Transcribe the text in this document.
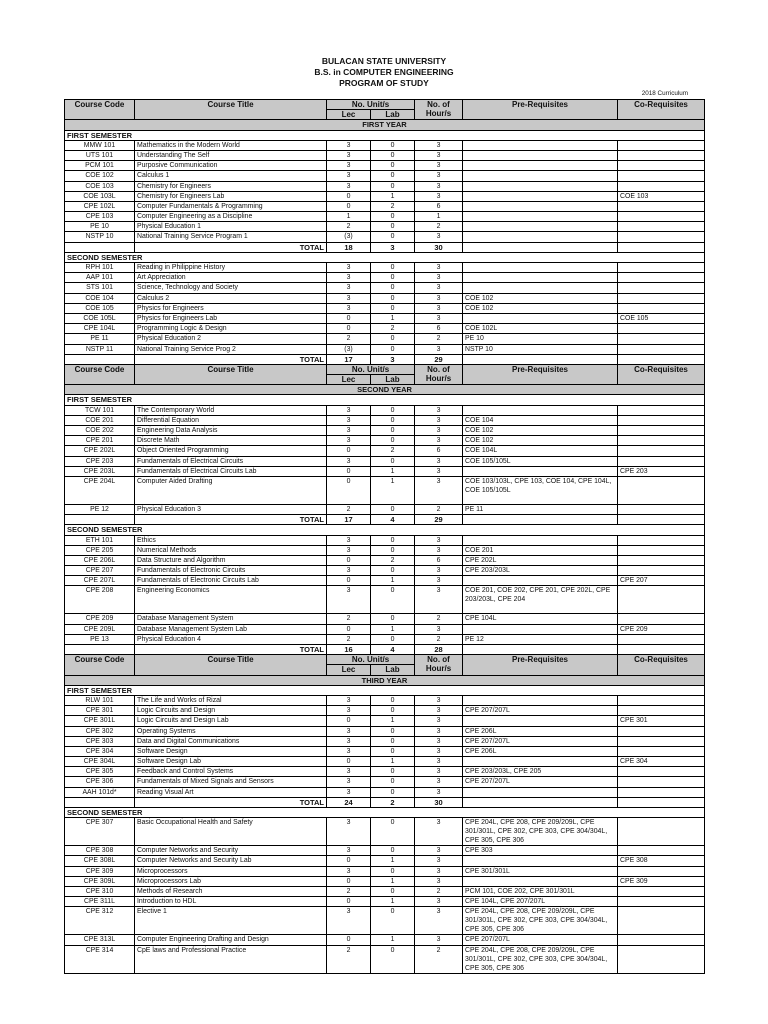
BULACAN STATE UNIVERSITY
B.S. in COMPUTER ENGINEERING
PROGRAM OF STUDY
2018 Curriculum
Course Code	Course Title	No. Unit/s		No. of Hour/s	Pre-Requisites	Co-Requisites
		Lec	Lab			
FIRST YEAR						
FIRST SEMESTER						
MMW 101	Mathematics in the Modern World	3	0	3		
UTS 101	Understanding The Self	3	0	3		
PCM 101	Purposive Communication	3	0	3		
COE 102	Calculus 1	3	0	3		
COE 103	Chemistry for Engineers	3	0	3		
COE 103L	Chemistry for Engineers Lab	0	1	3		COE 103
CPE 102L	Computer Fundamentals & Programming	0	2	6		
CPE 103	Computer Engineering as a Discipline	1	0	1		
PE 10	Physical Education 1	2	0	2		
NSTP 10	National Training Service Program 1	(3)	0	3		
	TOTAL	18	3	30		
SECOND SEMESTER						
RPH 101	Reading in Philippine History	3	0	3		
AAP 101	Art Appreciation	3	0	3		
STS 101	Science, Technology and Society	3	0	3		
COE 104	Calculus 2	3	0	3	COE 102	
COE 105	Physics for Engineers	3	0	3	COE 102	
COE 105L	Physics for Engineers Lab	0	1	3		COE 105
CPE 104L	Programming Logic & Design	0	2	6	COE 102L	
PE 11	Physical Education 2	2	0	2	PE 10	
NSTP 11	National Training Service Prog 2	(3)	0	3	NSTP 10	
	TOTAL	17	3	29		
Course Code	Course Title	No. Unit/s		No. of Hour/s	Pre-Requisites	Co-Requisites
		Lec	Lab			
SECOND YEAR						
FIRST SEMESTER						
TCW 101	The Contemporary World	3	0	3		
COE 201	Differential Equation	3	0	3	COE 104	
COE 202	Engineering Data Analysis	3	0	3	COE 102	
CPE 201	Discrete Math	3	0	3	COE 102	
CPE 202L	Object Oriented Programming	0	2	6	COE 104L	
CPE 203	Fundamentals of Electrical Circuits	3	0	3	COE 105/105L	
CPE 203L	Fundamentals of Electrical Circuits Lab	0	1	3		CPE 203
CPE 204L	Computer Aided Drafting	0	1	3	COE 103/103L, CPE 103, COE 104, CPE 104L, COE 105/105L	
PE 12	Physical Education 3	2	0	2	PE 11	
	TOTAL	17	4	29		
SECOND SEMESTER						
ETH 101	Ethics	3	0	3		
CPE 205	Numerical Methods	3	0	3	COE 201	
CPE 206L	Data Structure and Algorithm	0	2	6	CPE 202L	
CPE 207	Fundamentals of Electronic Circuits	3	0	3	CPE 203/203L	
CPE 207L	Fundamentals of Electronic Circuits Lab	0	1	3		CPE 207
CPE 208	Engineering Economics	3	0	3	COE 201, COE 202, CPE 201, CPE 202L, CPE 203/203L, CPE 204	
CPE 209	Database Management System	2	0	2	CPE 104L	
CPE 209L	Database Management System Lab	0	1	3		CPE 209
PE 13	Physical Education 4	2	0	2	PE 12	
	TOTAL	16	4	28		
Course Code	Course Title	No. Unit/s		No. of Hour/s	Pre-Requisites	Co-Requisites
		Lec	Lab			
THIRD YEAR						
FIRST SEMESTER						
RLW 101	The Life and Works of Rizal	3	0	3		
CPE 301	Logic Circuits and Design	3	0	3	CPE 207/207L	
CPE 301L	Logic Circuits and Design Lab	0	1	3		CPE 301
CPE 302	Operating Systems	3	0	3	CPE 206L	
CPE 303	Data and Digital Communications	3	0	3	CPE 207/207L	
CPE 304	Software Design	3	0	3	CPE 206L	
CPE 304L	Software Design Lab	0	1	3		CPE 304
CPE 305	Feedback and Control Systems	3	0	3	CPE 203/203L, CPE 205	
CPE 306	Fundamentals of Mixed Signals and Sensors	3	0	3	CPE 207/207L	
AAH 101d*	Reading Visual Art	3	0	3		
	TOTAL	24	2	30		
SECOND SEMESTER						
CPE 307	Basic Occupational Health and Safety	3	0	3	CPE 204L, CPE 208, CPE 209/209L, CPE 301/301L, CPE 302, CPE 303, CPE 304/304L, CPE 305, CPE 306	
CPE 308	Computer Networks and Security	3	0	3	CPE 303	
CPE 308L	Computer Networks and Security Lab	0	1	3		CPE 308
CPE 309	Microprocessors	3	0	3	CPE 301/301L	
CPE 309L	Microprocessors Lab	0	1	3		CPE 309
CPE 310	Methods of Research	2	0	2	PCM 101, COE 202, CPE 301/301L	
CPE 311L	Introduction to HDL	0	1	3	CPE 104L, CPE 207/207L	
CPE 312	Elective 1	3	0	3	CPE 204L, CPE 208, CPE 209/209L, CPE 301/301L, CPE 302, CPE 303, CPE 304/304L, CPE 305, CPE 306	
CPE 313L	Computer Engineering Drafting and Design	0	1	3	CPE 207/207L	
CPE 314	CpE laws and Professional Practice	2	0	2	CPE 204L, CPE 208, CPE 209/209L, CPE 301/301L, CPE 302, CPE 303, CPE 304/304L, CPE 305, CPE 306	
